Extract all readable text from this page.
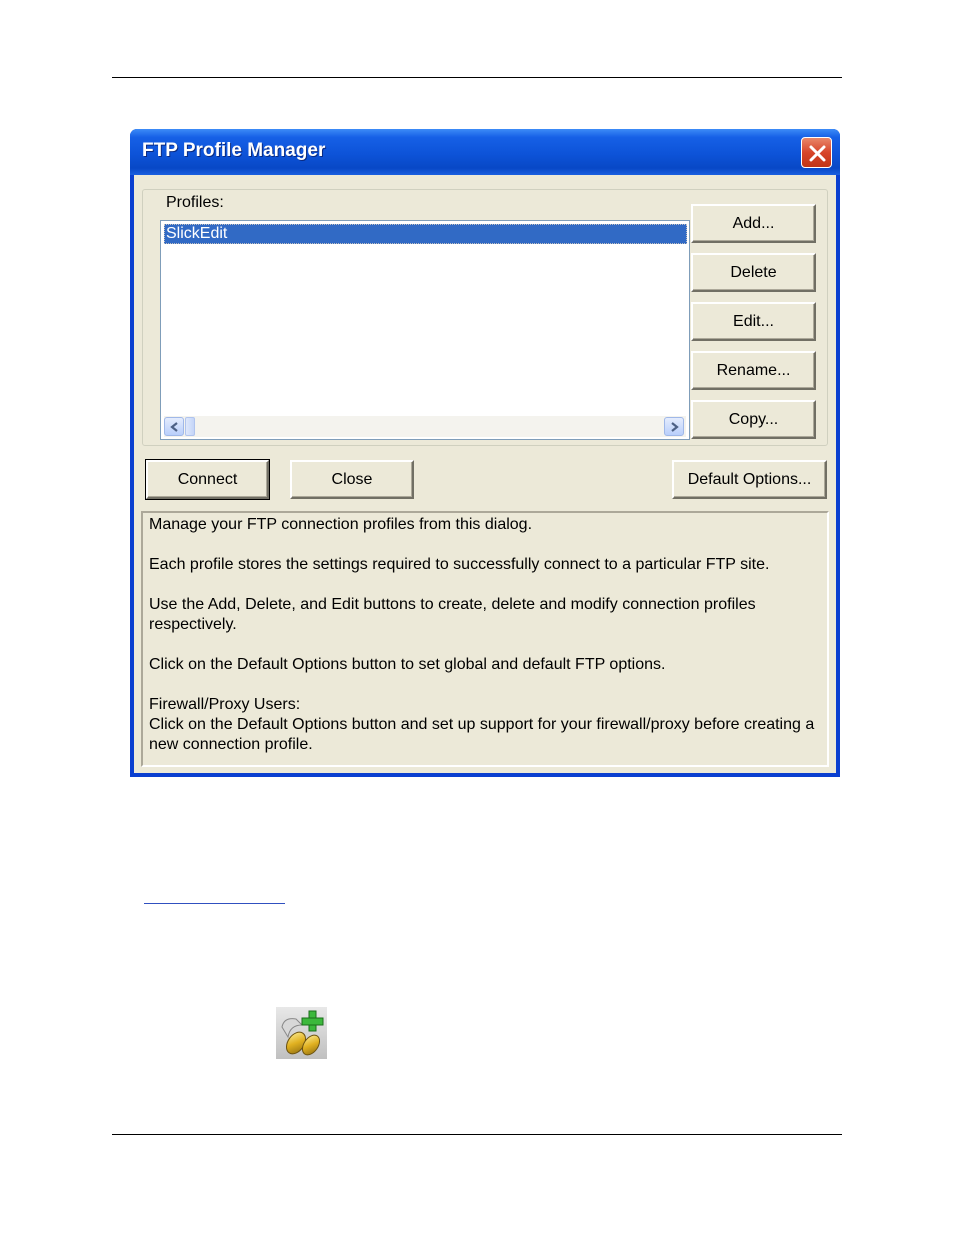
FTP Profile Manager
Profiles:
SlickEdit
Add...
Delete
Edit...
Rename...
Copy...
Connect	Close	Default Options...

Manage your FTP connection profiles from this dialog.

Each profile stores the settings required to successfully connect to a particular FTP site.

Use the Add, Delete, and Edit buttons to create, delete and modify connection profiles respectively.

Click on the Default Options button to set global and default FTP options.

Firewall/Proxy Users:
Click on the Default Options button and set up support for your firewall/proxy before creating a new connection profile.
